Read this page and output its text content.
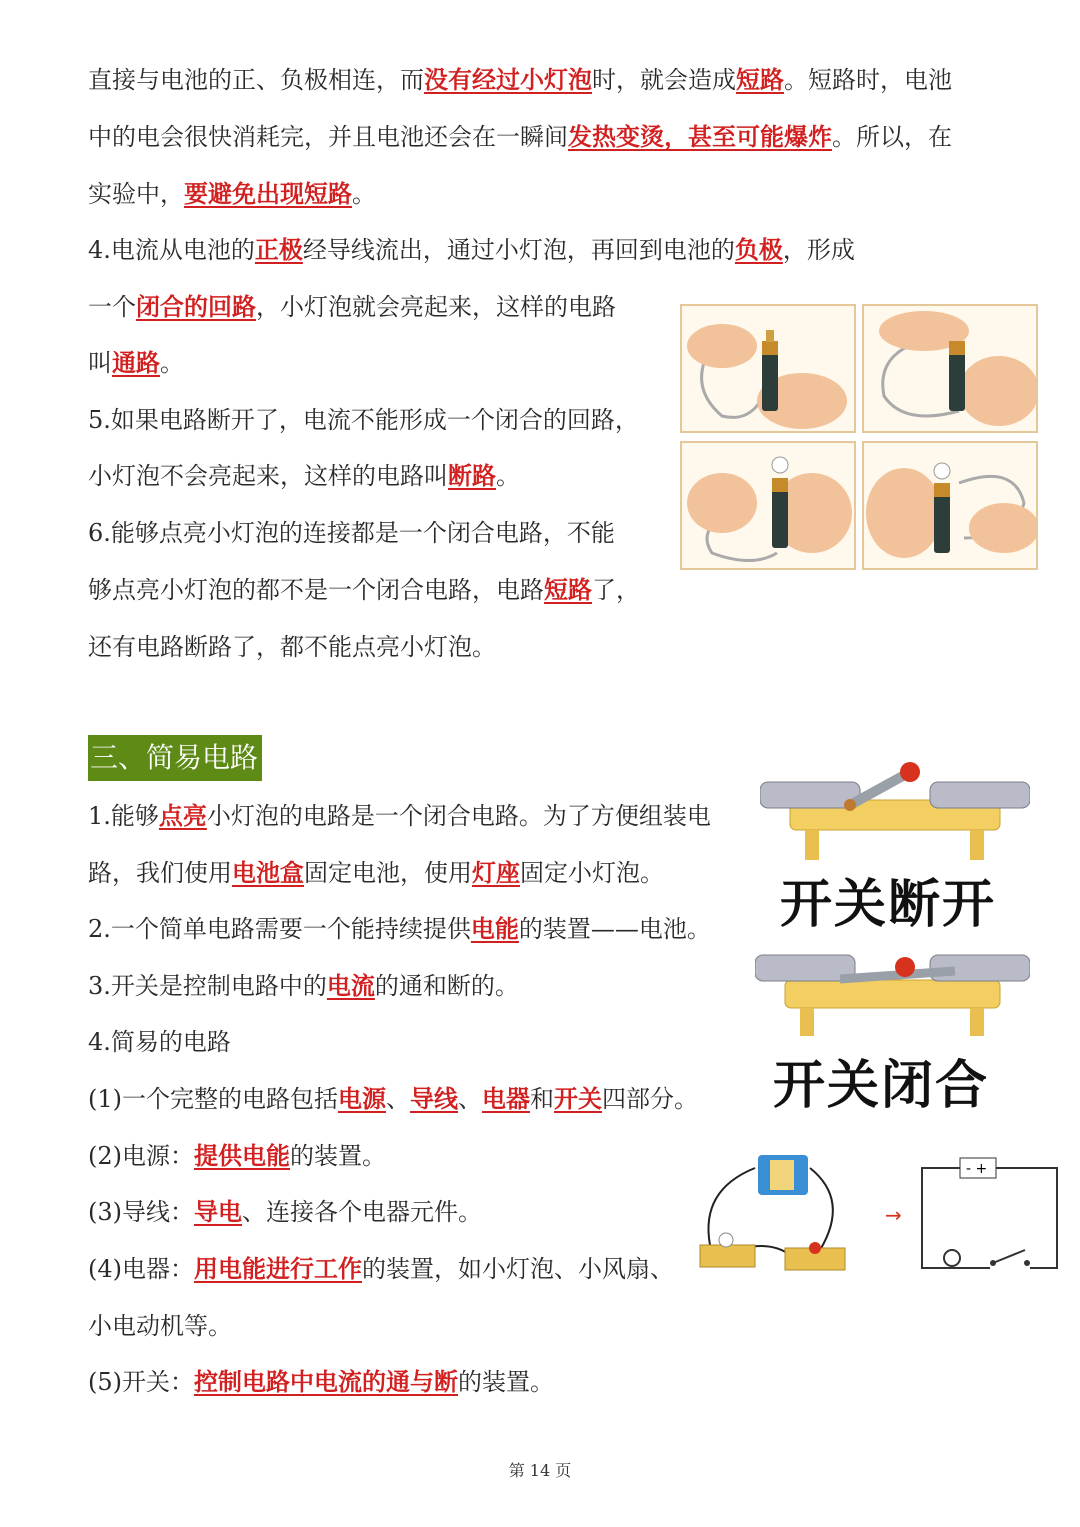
直接与电池的正、负极相连，而没有经过小灯泡时，就会造成短路。短路时，电池
中的电会很快消耗完，并且电池还会在一瞬间发热变烫，甚至可能爆炸。所以，在
实验中，要避免出现短路。
4.电流从电池的正极经导线流出，通过小灯泡，再回到电池的负极，形成
一个闭合的回路，小灯泡就会亮起来，这样的电路
叫通路。
5.如果电路断开了，电流不能形成一个闭合的回路，
小灯泡不会亮起来，这样的电路叫断路。
6.能够点亮小灯泡的连接都是一个闭合电路，不能
够点亮小灯泡的都不是一个闭合电路，电路短路了，
还有电路断路了，都不能点亮小灯泡。
1.能够点亮小灯泡的电路是一个闭合电路。为了方便组装电
路，我们使用电池盒固定电池，使用灯座固定小灯泡。
2.一个简单电路需要一个能持续提供电能的装置——电池。
3.开关是控制电路中的电流的通和断的。
4.简易的电路
(1)一个完整的电路包括电源、导线、电器和开关四部分。
(2)电源：提供电能的装置。
(3)导线：导电、连接各个电器元件。
(4)电器：用电能进行工作的装置，如小灯泡、小风扇、
小电动机等。
(5)开关：控制电路中电流的通与断的装置。
三、简易电路
开关断开
开关闭合
→
- +
第 14 页
